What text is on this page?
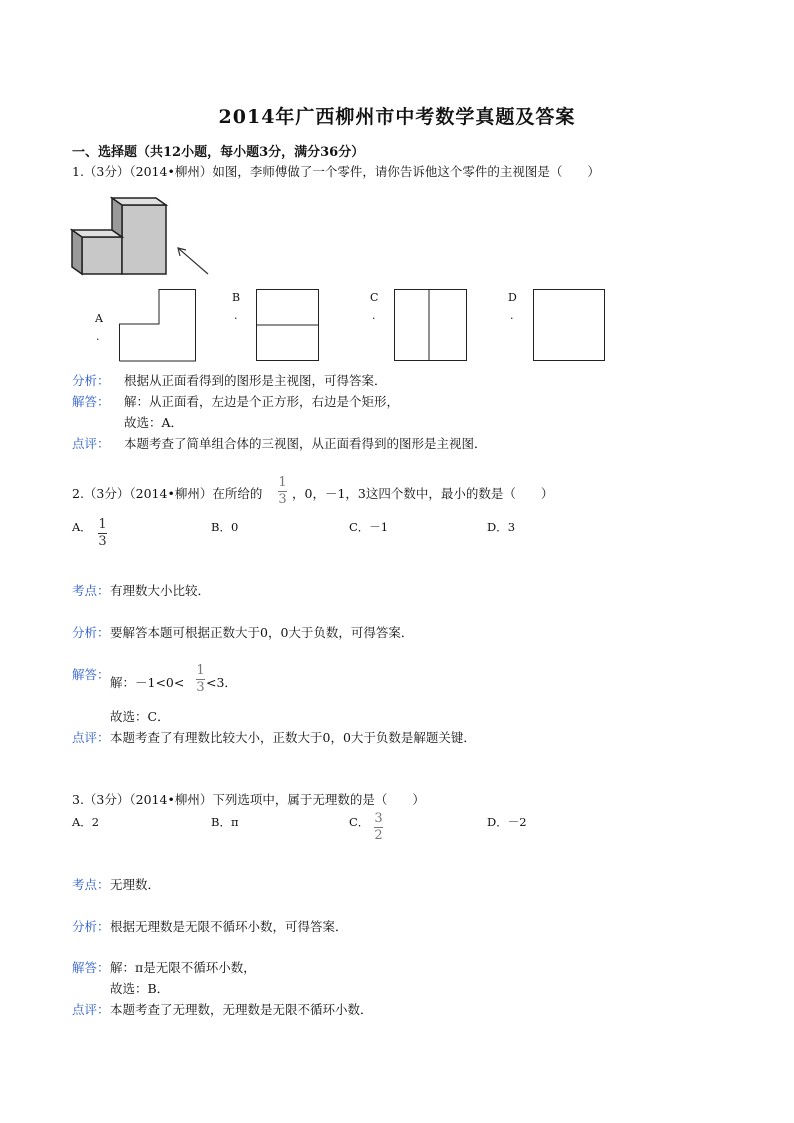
2014年广西柳州市中考数学真题及答案
一、选择题（共12小题，每小题3分，满分36分）
1.（3分）（2014•柳州）如图，李师傅做了一个零件，请你告诉他这个零件的主视图是（　　）
A
.
B
.
C
.
D
.
分析： 根据从正面看得到的图形是主视图，可得答案．
解答： 解：从正面看，左边是个正方形，右边是个矩形，
故选：A．
点评： 本题考查了简单组合体的三视图，从正面看得到的图形是主视图．
2.（3分）（2014•柳州）在所给的
1
3 ，0，－1，3这四个数中，最小的数是（　　）
A． 1
3
B．0	C．－1	D．3
考点： 有理数大小比较．
分析： 要解答本题可根据正数大于0，0大于负数，可得答案．
解答：
解：－1<0<
1
3 <3．
故选：C．
点评： 本题考查了有理数比较大小，正数大于0，0大于负数是解题关键．
3.（3分）（2014•柳州）下列选项中，属于无理数的是（　　）
A．2	B．π	C． 3
2
D．－2
考点： 无理数．
分析： 根据无理数是无限不循环小数，可得答案．
解答： 解：π是无限不循环小数，
故选：B．
点评： 本题考查了无理数，无理数是无限不循环小数．
